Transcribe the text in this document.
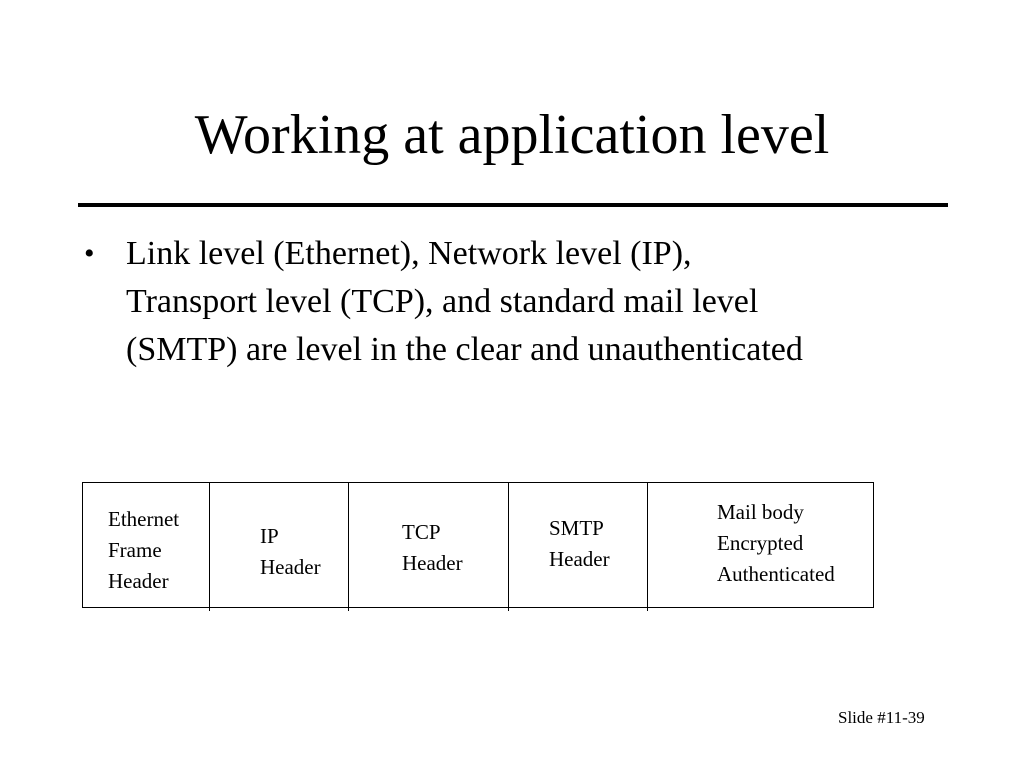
Working at application level
• Link level (Ethernet), Network level (IP),
Transport level (TCP), and standard mail level
(SMTP) are level in the clear and unauthenticated
Ethernet
Frame
Header
IP
Header
TCP
Header
SMTP
Header
Mail body
Encrypted
Authenticated
Slide #11-39
